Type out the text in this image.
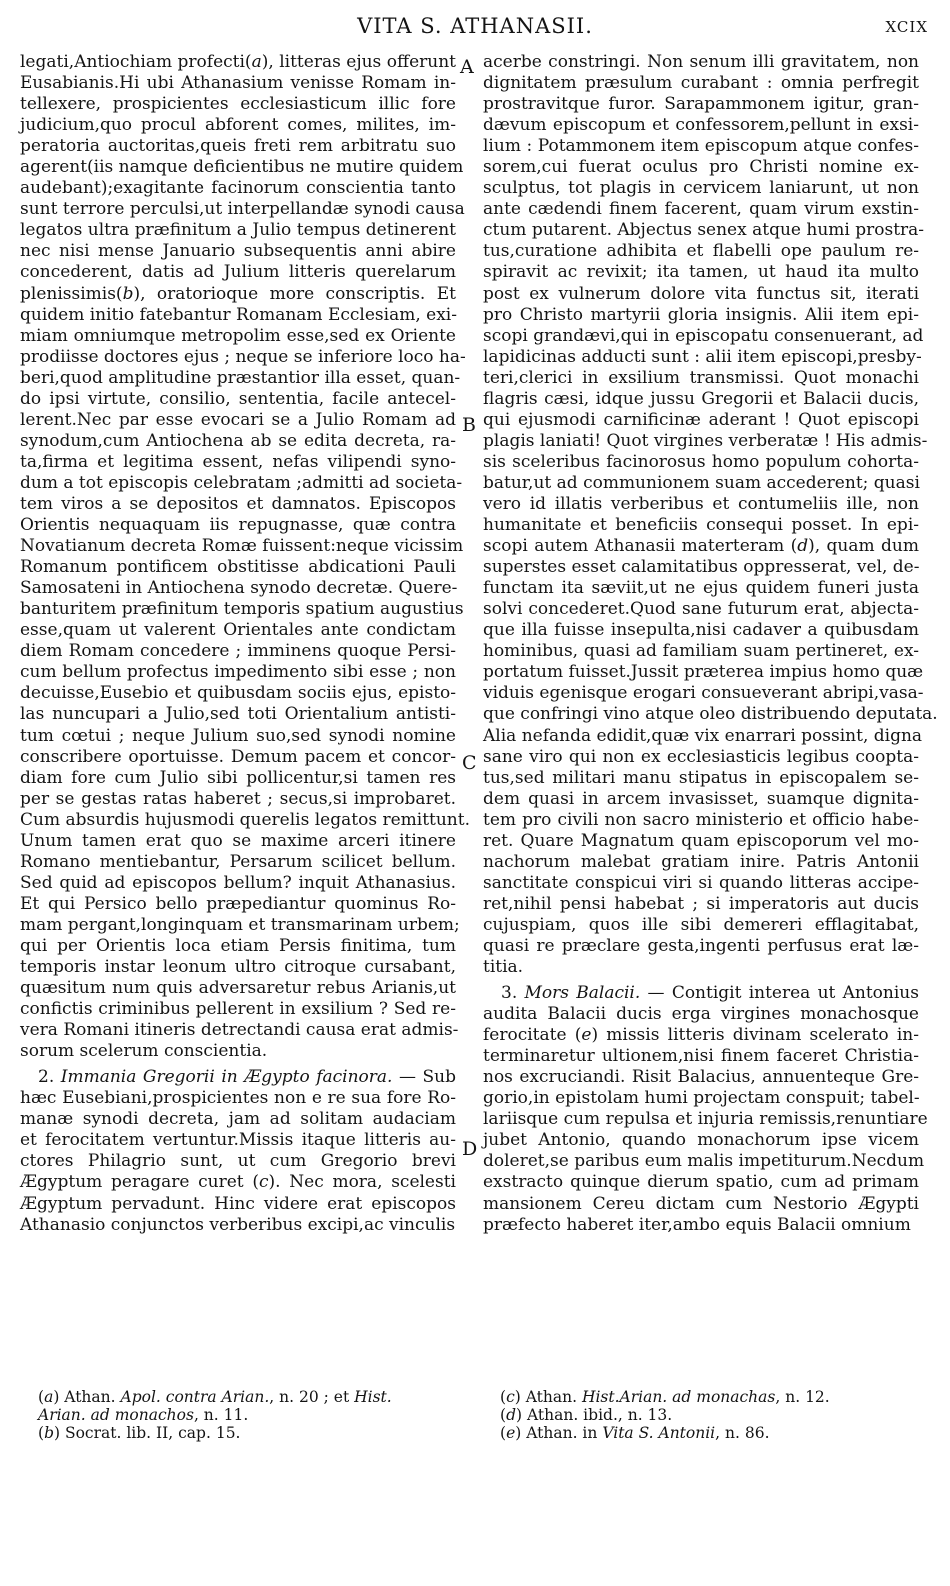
VITA S. ATHANASII.	XCIX

legati,Antiochiam profecti(a), litteras ejus offerunt

Eusabianis.Hi ubi Athanasium venisse Romam in-

tellexere, prospicientes ecclesiasticum illic fore

judicium,quo procul abforent comes, milites, im-

peratoria auctoritas,queis freti rem arbitratu suo

agerent(iis namque deficientibus ne mutire quidem

audebant);exagitante facinorum conscientia tanto

sunt terrore perculsi,ut interpellandæ synodi causa

legatos ultra præfinitum a Julio tempus detinerent

nec nisi mense Januario subsequentis anni abire

concederent, datis ad Julium litteris querelarum

plenissimis(b), oratorioque more conscriptis. Et

quidem initio fatebantur Romanam Ecclesiam, exi-

miam omniumque metropolim esse,sed ex Oriente

prodiisse doctores ejus ; neque se inferiore loco ha-

beri,quod amplitudine præstantior illa esset, quan-

do ipsi virtute, consilio, sententia, facile antecel-

lerent.Nec par esse evocari se a Julio Romam ad

synodum,cum Antiochena ab se edita decreta, ra-

ta,firma et legitima essent, nefas vilipendi syno-

dum a tot episcopis celebratam ;admitti ad societa-

tem viros a se depositos et damnatos. Episcopos

Orientis nequaquam iis repugnasse, quæ contra

Novatianum decreta Romæ fuissent:neque vicissim

Romanum pontificem obstitisse abdicationi Pauli

Samosateni in Antiochena synodo decretæ. Quere-

banturitem præfinitum temporis spatium augustius

esse,quam ut valerent Orientales ante condictam

diem Romam concedere ; imminens quoque Persi-

cum bellum profectus impedimento sibi esse ; non

decuisse,Eusebio et quibusdam sociis ejus, episto-

las nuncupari a Julio,sed toti Orientalium antisti-

tum cœtui ; neque Julium suo,sed synodi nomine

conscribere oportuisse. Demum pacem et concor-

diam fore cum Julio sibi pollicentur,si tamen res

per se gestas ratas haberet ; secus,si improbaret.

Cum absurdis hujusmodi querelis legatos remittunt.

Unum tamen erat quo se maxime arceri itinere

Romano mentiebantur, Persarum scilicet bellum.

Sed quid ad episcopos bellum? inquit Athanasius.

Et qui Persico bello præpediantur quominus Ro-

mam pergant,longinquam et transmarinam urbem;

qui per Orientis loca etiam Persis finitima, tum

temporis instar leonum ultro citroque cursabant,

quæsitum num quis adversaretur rebus Arianis,ut

confictis criminibus pellerent in exsilium ? Sed re-

vera Romani itineris detrectandi causa erat admis-

sorum scelerum conscientia.

2. Immania Gregorii in Ægypto facinora. — Sub

hæc Eusebiani,prospicientes non e re sua fore Ro-

manæ synodi decreta, jam ad solitam audaciam

et ferocitatem vertuntur.Missis itaque litteris au-

ctores Philagrio sunt, ut cum Gregorio brevi

Ægyptum peragare curet (c). Nec mora, scelesti

Ægyptum pervadunt. Hinc videre erat episcopos

Athanasio conjunctos verberibus excipi,ac vinculis

acerbe constringi. Non senum illi gravitatem, non

dignitatem præsulum curabant : omnia perfregit

prostravitque furor. Sarapammonem igitur, gran-

dævum episcopum et confessorem,pellunt in exsi-

lium : Potammonem item episcopum atque confes-

sorem,cui fuerat oculus pro Christi nomine ex-

sculptus, tot plagis in cervicem laniarunt, ut non

ante cædendi finem facerent, quam virum exstin-

ctum putarent. Abjectus senex atque humi prostra-

tus,curatione adhibita et flabelli ope paulum re-

spiravit ac revixit; ita tamen, ut haud ita multo

post ex vulnerum dolore vita functus sit, iterati

pro Christo martyrii gloria insignis. Alii item epi-

scopi grandævi,qui in episcopatu consenuerant, ad

lapidicinas adducti sunt : alii item episcopi,presby-

teri,clerici in exsilium transmissi. Quot monachi

flagris cæsi, idque jussu Gregorii et Balacii ducis,

qui ejusmodi carnificinæ aderant ! Quot episcopi

plagis laniati! Quot virgines verberatæ ! His admis-

sis sceleribus facinorosus homo populum cohorta-

batur,ut ad communionem suam accederent; quasi

vero id illatis verberibus et contumeliis ille, non

humanitate et beneficiis consequi posset. In epi-

scopi autem Athanasii materteram (d), quam dum

superstes esset calamitatibus oppresserat, vel, de-

functam ita sæviit,ut ne ejus quidem funeri justa

solvi concederet.Quod sane futurum erat, abjecta-

que illa fuisse insepulta,nisi cadaver a quibusdam

hominibus, quasi ad familiam suam pertineret, ex-

portatum fuisset.Jussit præterea impius homo quæ

viduis egenisque erogari consueverant abripi,vasa-

que confringi vino atque oleo distribuendo deputata.

Alia nefanda edidit,quæ vix enarrari possint, digna

sane viro qui non ex ecclesiasticis legibus coopta-

tus,sed militari manu stipatus in episcopalem se-

dem quasi in arcem invasisset, suamque dignita-

tem pro civili non sacro ministerio et officio habe-

ret. Quare Magnatum quam episcoporum vel mo-

nachorum malebat gratiam inire. Patris Antonii

sanctitate conspicui viri si quando litteras accipe-

ret,nihil pensi habebat ; si imperatoris aut ducis

cujuspiam, quos ille sibi demereri efflagitabat,

quasi re præclare gesta,ingenti perfusus erat læ-

titia.

3. Mors Balacii. — Contigit interea ut Antonius

audita Balacii ducis erga virgines monachosque

ferocitate (e) missis litteris divinam scelerato in-

terminaretur ultionem,nisi finem faceret Christia-

nos excruciandi. Risit Balacius, annuenteque Gre-

gorio,in epistolam humi projectam conspuit; tabel-

lariisque cum repulsa et injuria remissis,renuntiare

jubet Antonio, quando monachorum ipse vicem

doleret,se paribus eum malis impetiturum.Necdum

exstracto quinque dierum spatio, cum ad primam

mansionem Cereu dictam cum Nestorio Ægypti

præfecto haberet iter,ambo equis Balacii omnium

A
B
C
D
(a) Athan. Apol. contra Arian., n. 20 ; et Hist.
Arian. ad monachos, n. 11.
(b) Socrat. lib. II, cap. 15.
(c) Athan. Hist.Arian. ad monachas, n. 12.
(d) Athan. ibid., n. 13.
(e) Athan. in Vita S. Antonii, n. 86.
